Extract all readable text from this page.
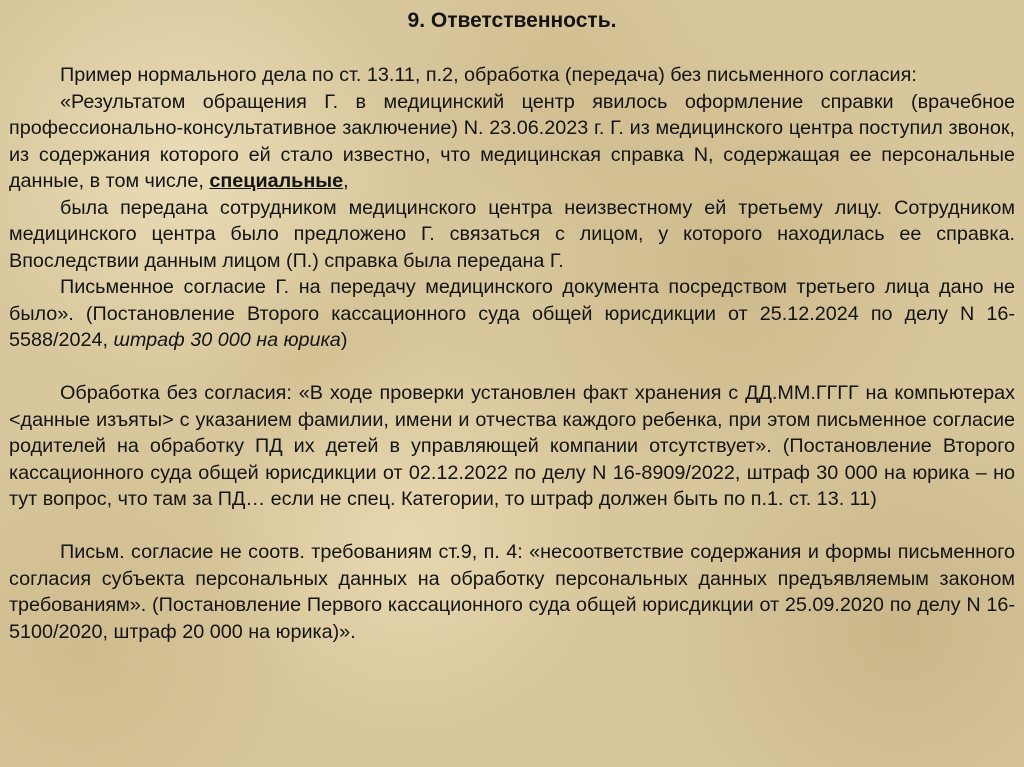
9. Ответственность.

Пример нормального дела по ст. 13.11, п.2, обработка (передача) без письменного согласия:

«Результатом обращения Г. в медицинский центр явилось оформление справки (врачебное профессионально-консультативное заключение) N. 23.06.2023 г. Г. из медицинского центра поступил звонок, из содержания которого ей стало известно, что медицинская справка N, содержащая ее персональные данные, в том числе, специальные,

была передана сотрудником медицинского центра неизвестному ей третьему лицу. Сотрудником медицинского центра было предложено Г. связаться с лицом, у которого находилась ее справка. Впоследствии данным лицом (П.) справка была передана Г.

Письменное согласие Г. на передачу медицинского документа посредством третьего лица дано не было». (Постановление Второго кассационного суда общей юрисдикции от 25.12.2024 по делу N 16-5588/2024, штраф 30 000 на юрика)

Обработка без согласия: «В ходе проверки установлен факт хранения с ДД.ММ.ГГГГ на компьютерах <данные изъяты> с указанием фамилии, имени и отчества каждого ребенка, при этом письменное согласие родителей на обработку ПД их детей в управляющей компании отсутствует». (Постановление Второго кассационного суда общей юрисдикции от 02.12.2022 по делу N 16-8909/2022, штраф 30 000 на юрика – но тут вопрос, что там за ПД… если не спец. Категории, то штраф должен быть по п.1. ст. 13. 11)

Письм. согласие не соотв. требованиям ст.9, п. 4: «несоответствие содержания и формы письменного согласия субъекта персональных данных на обработку персональных данных предъявляемым законом требованиям». (Постановление Первого кассационного суда общей юрисдикции от 25.09.2020 по делу N 16-5100/2020, штраф 20 000 на юрика)».
